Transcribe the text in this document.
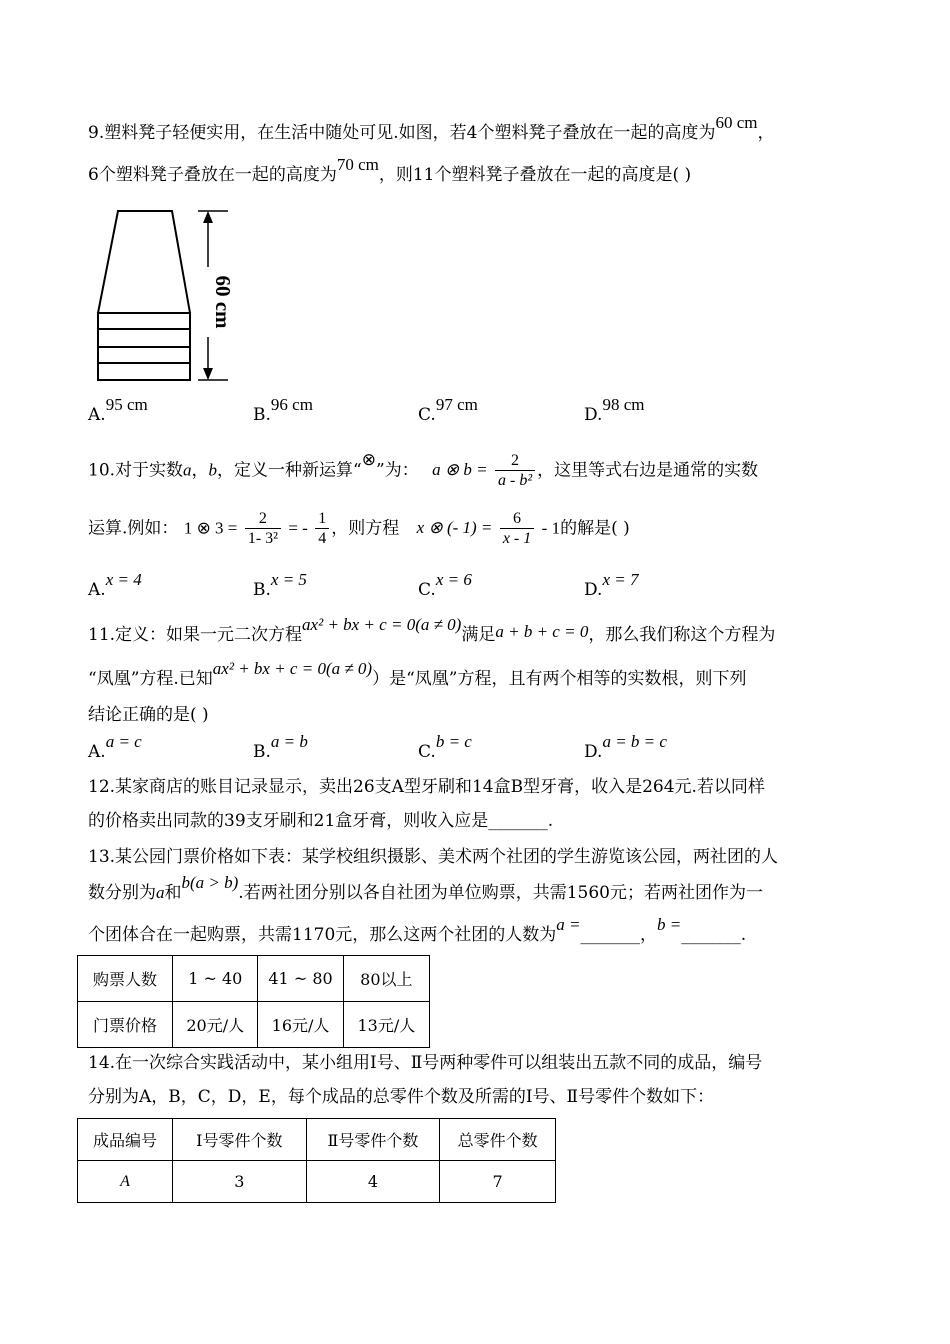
9.塑料凳子轻便实用，在生活中随处可见.如图，若4个塑料凳子叠放在一起的高度为60 cm，
6个塑料凳子叠放在一起的高度为70 cm，则11个塑料凳子叠放在一起的高度是( )
60 cm
A.95 cm
B.96 cm
C.97 cm
D.98 cm
10.对于实数a，b，定义一种新运算“⊗”为： a ⊗ $b = \frac{2}{\text{a - b²}}$ ，这里等式右边是通常的实数
运算.例如： 1 ⊗ $3 = \frac{2}{\text{1- 3²}}$ = - $\frac{1}{4}$ ，则方程 x ⊗ (- $1) = \frac{6}{x - 1} - 1$的解是( )
A.x = 4
B.x = 5
C.x = 6
D.x = 7
11.定义：如果一元二次方程ax² + bx + c = 0(a ≠ 0)满足a + b + c = 0，那么我们称这个方程为
“凤凰”方程.已知ax² + bx + c = 0(a ≠ 0)）是“凤凰”方程，且有两个相等的实数根，则下列
结论正确的是( )
A.a = c
B.a = b
C.b = c
D.a = b = c
12.某家商店的账目记录显示，卖出26支A型牙刷和14盒B型牙膏，收入是264元.若以同样
的价格卖出同款的39支牙刷和21盒牙膏，则收入应是_______.
13.某公园门票价格如下表：某学校组织摄影、美术两个社团的学生游览该公园，两社团的人
数分别为a和b(a > b).若两社团分别以各自社团为单位购票，共需1560元；若两社团作为一
个团体合在一起购票，共需1170元，那么这两个社团的人数为a =_______，b =_______.
购票人数	1 ~ 40	41 ~ 80	80以上
门票价格	20元/人	16元/人	13元/人
14.在一次综合实践活动中，某小组用Ⅰ号、Ⅱ号两种零件可以组装出五款不同的成品，编号
分别为A，B，C，D，E，每个成品的总零件个数及所需的Ⅰ号、Ⅱ号零件个数如下：
成品编号	Ⅰ号零件个数	Ⅱ号零件个数	总零件个数
A	3	4	7
